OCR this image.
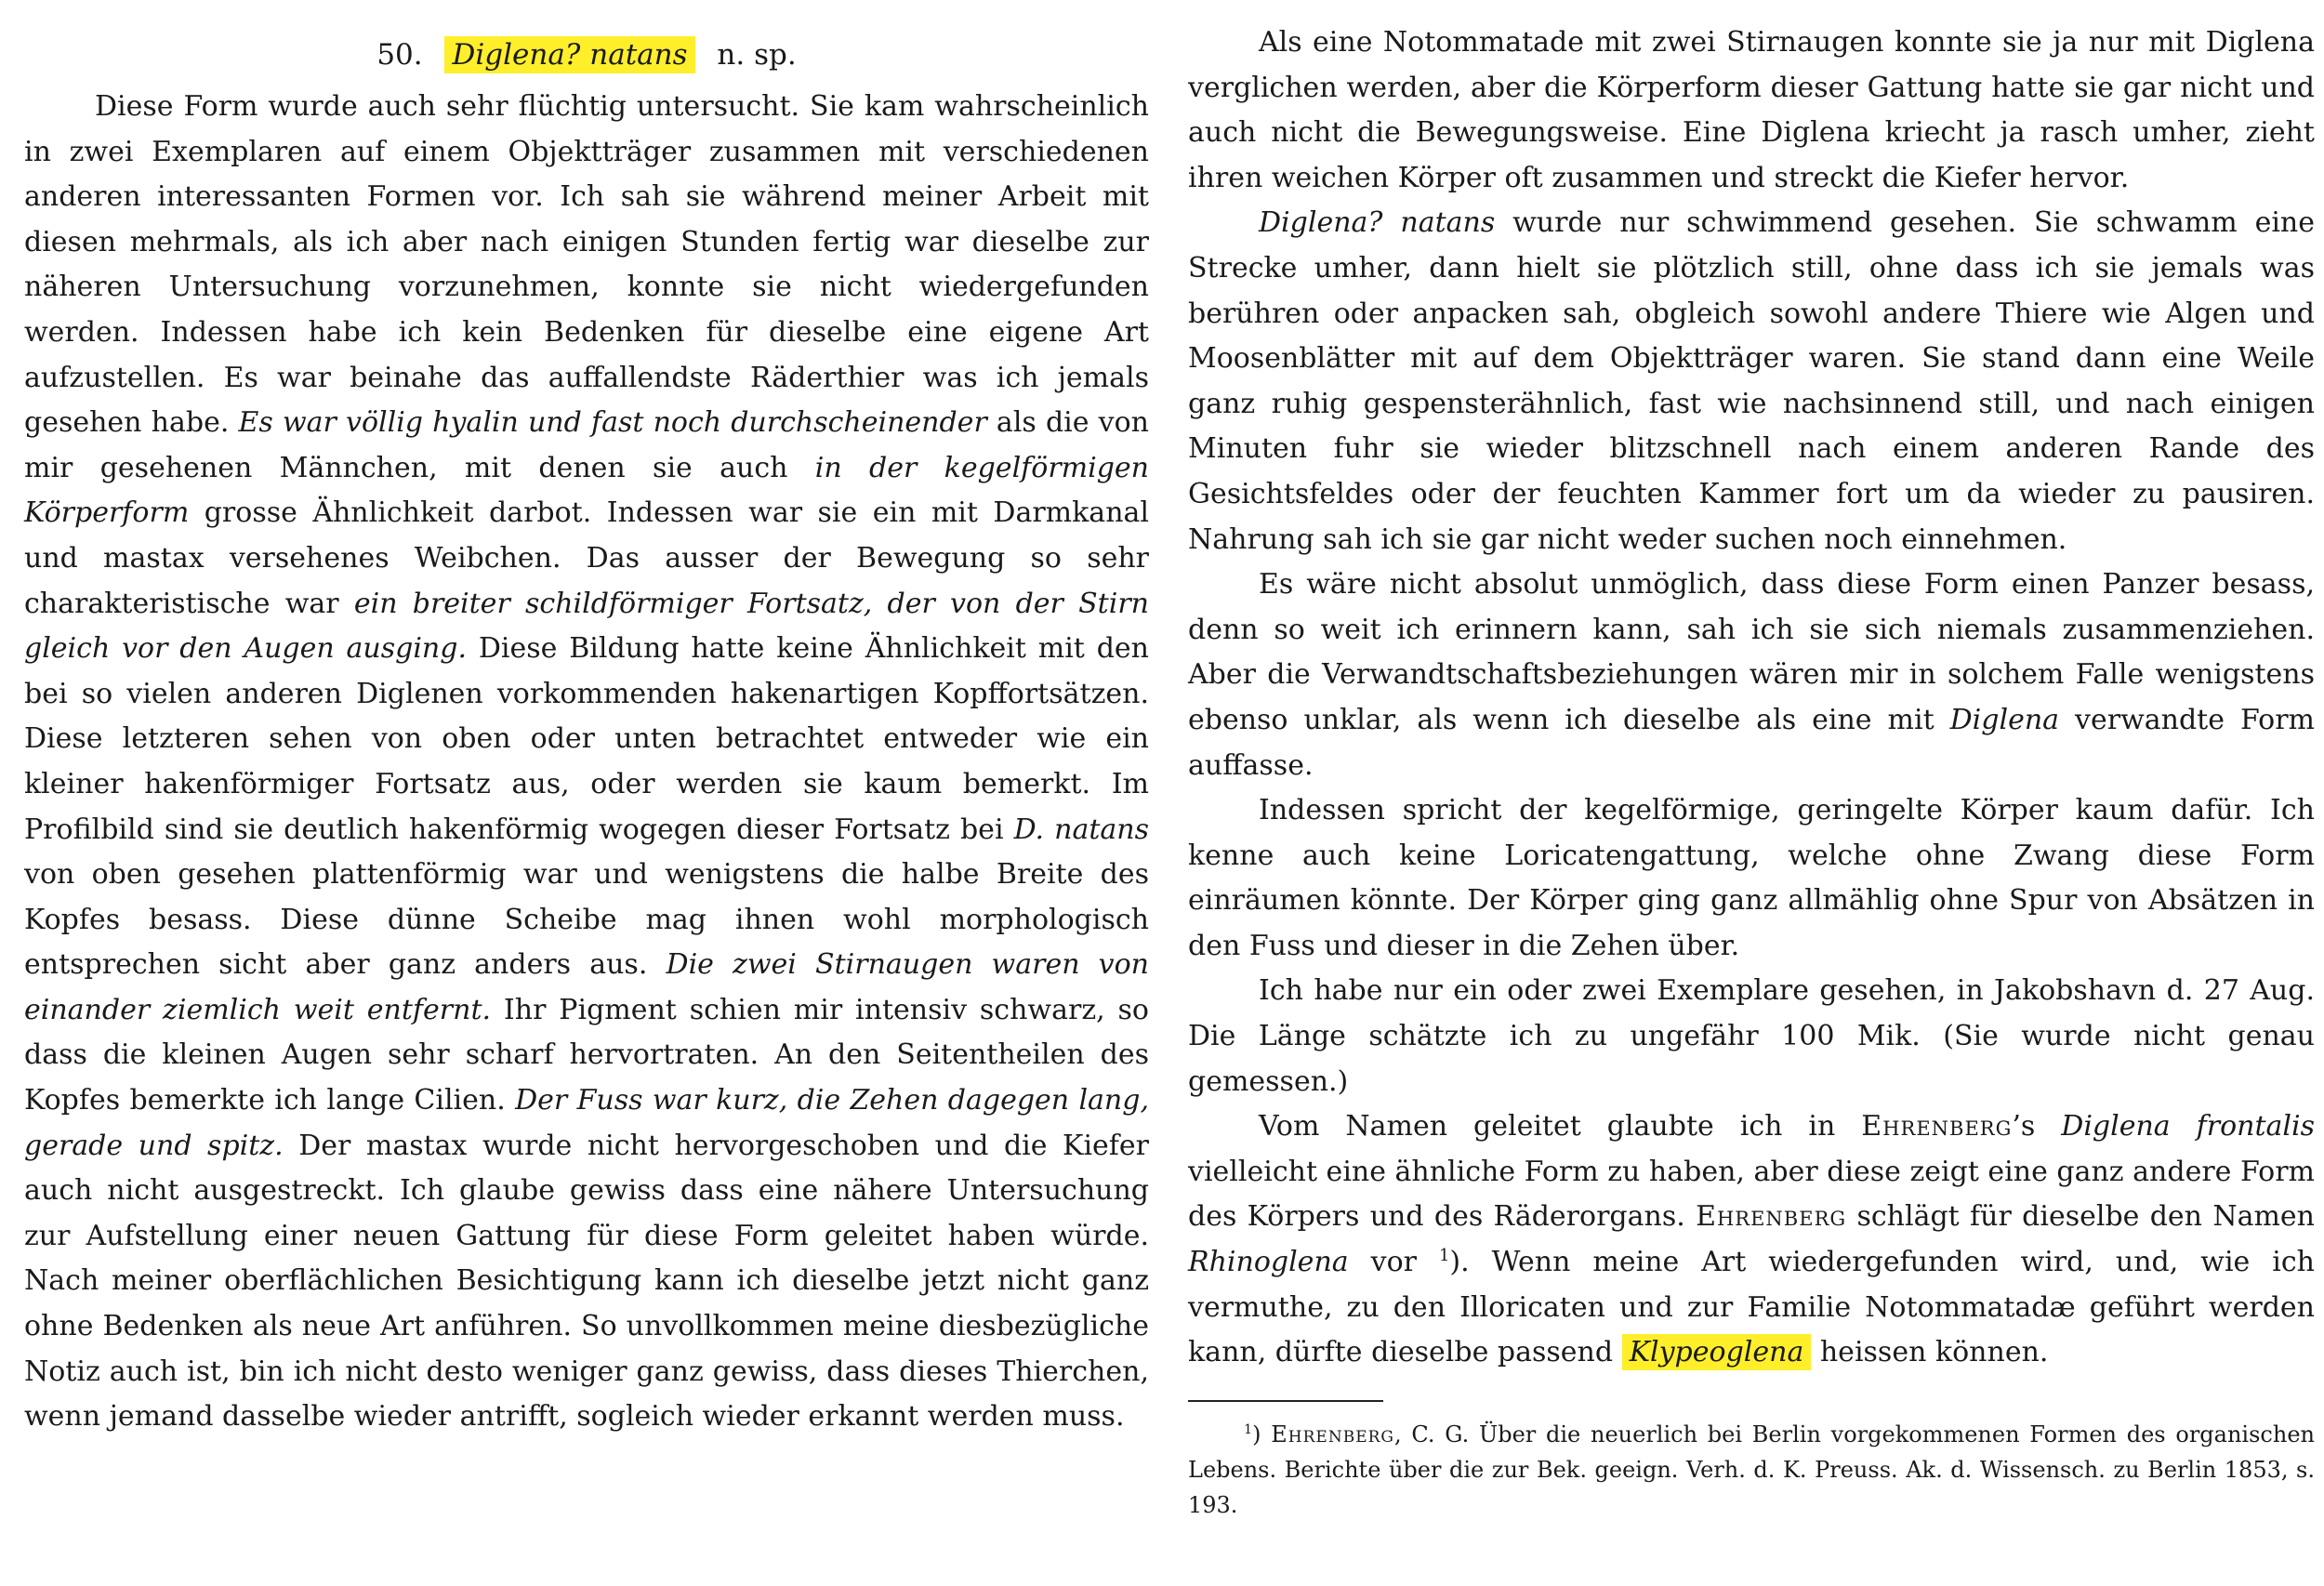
50. Diglena? natans n. sp.

Diese Form wurde auch sehr flüchtig untersucht. Sie kam wahrscheinlich in zwei Exemplaren auf einem Objektträger zusammen mit verschiedenen anderen interessanten Formen vor. Ich sah sie während meiner Arbeit mit diesen mehrmals, als ich aber nach einigen Stunden fertig war dieselbe zur näheren Untersuchung vorzunehmen, konnte sie nicht wiedergefunden werden. Indessen habe ich kein Bedenken für dieselbe eine eigene Art aufzustellen. Es war beinahe das auffallendste Räderthier was ich jemals gesehen habe. Es war völlig hyalin und fast noch durchscheinender als die von mir gesehenen Männchen, mit denen sie auch in der kegelförmigen Körperform grosse Ähnlichkeit darbot. Indessen war sie ein mit Darmkanal und mastax versehenes Weibchen. Das ausser der Bewegung so sehr charakteristische war ein breiter schildförmiger Fortsatz, der von der Stirn gleich vor den Augen ausging. Diese Bildung hatte keine Ähnlichkeit mit den bei so vielen anderen Diglenen vorkommenden hakenartigen Kopffortsätzen. Diese letzteren sehen von oben oder unten betrachtet entweder wie ein kleiner hakenförmiger Fortsatz aus, oder werden sie kaum bemerkt. Im Profilbild sind sie deutlich hakenförmig wogegen dieser Fortsatz bei D. natans von oben gesehen plattenförmig war und wenigstens die halbe Breite des Kopfes besass. Diese dünne Scheibe mag ihnen wohl morphologisch entsprechen sicht aber ganz anders aus. Die zwei Stirnaugen waren von einander ziemlich weit entfernt. Ihr Pigment schien mir intensiv schwarz, so dass die kleinen Augen sehr scharf hervortraten. An den Seitentheilen des Kopfes bemerkte ich lange Cilien. Der Fuss war kurz, die Zehen dagegen lang, gerade und spitz. Der mastax wurde nicht hervorgeschoben und die Kiefer auch nicht ausgestreckt. Ich glaube gewiss dass eine nähere Untersuchung zur Aufstellung einer neuen Gattung für diese Form geleitet haben würde. Nach meiner oberflächlichen Besichtigung kann ich dieselbe jetzt nicht ganz ohne Bedenken als neue Art anführen. So unvollkommen meine diesbezügliche Notiz auch ist, bin ich nicht desto weniger ganz gewiss, dass dieses Thierchen, wenn jemand dasselbe wieder antrifft, sogleich wieder erkannt werden muss.

Als eine Notommatade mit zwei Stirnaugen konnte sie ja nur mit Diglena verglichen werden, aber die Körperform dieser Gattung hatte sie gar nicht und auch nicht die Bewegungsweise. Eine Diglena kriecht ja rasch umher, zieht ihren weichen Körper oft zusammen und streckt die Kiefer hervor.

Diglena? natans wurde nur schwimmend gesehen. Sie schwamm eine Strecke umher, dann hielt sie plötzlich still, ohne dass ich sie jemals was berühren oder anpacken sah, obgleich sowohl andere Thiere wie Algen und Moosenblätter mit auf dem Objektträger waren. Sie stand dann eine Weile ganz ruhig gespensterähnlich, fast wie nachsinnend still, und nach einigen Minuten fuhr sie wieder blitzschnell nach einem anderen Rande des Gesichtsfeldes oder der feuchten Kammer fort um da wieder zu pausiren. Nahrung sah ich sie gar nicht weder suchen noch einnehmen.

Es wäre nicht absolut unmöglich, dass diese Form einen Panzer besass, denn so weit ich erinnern kann, sah ich sie sich niemals zusammenziehen. Aber die Verwandtschaftsbeziehungen wären mir in solchem Falle wenigstens ebenso unklar, als wenn ich dieselbe als eine mit Diglena verwandte Form auffasse.

Indessen spricht der kegelförmige, geringelte Körper kaum dafür. Ich kenne auch keine Loricatengattung, welche ohne Zwang diese Form einräumen könnte. Der Körper ging ganz allmählig ohne Spur von Absätzen in den Fuss und dieser in die Zehen über.

Ich habe nur ein oder zwei Exemplare gesehen, in Jakobshavn d. 27 Aug. Die Länge schätzte ich zu ungefähr 100 Mik. (Sie wurde nicht genau gemessen.)

Vom Namen geleitet glaubte ich in Ehrenberg’s Diglena frontalis vielleicht eine ähnliche Form zu haben, aber diese zeigt eine ganz andere Form des Körpers und des Räderorgans. Ehrenberg schlägt für dieselbe den Namen Rhinoglena vor $^1$). Wenn meine Art wiedergefunden wird, und, wie ich vermuthe, zu den Illoricaten und zur Familie Notommatadæ geführt werden kann, dürfte dieselbe passend Klypeoglena heissen können.

$^1$) Ehrenberg, C. G. Über die neuerlich bei Berlin vorgekommenen Formen des organischen Lebens. Berichte über die zur Bek. geeign. Verh. d. K. Preuss. Ak. d. Wissensch. zu Berlin 1853, s. 193.
